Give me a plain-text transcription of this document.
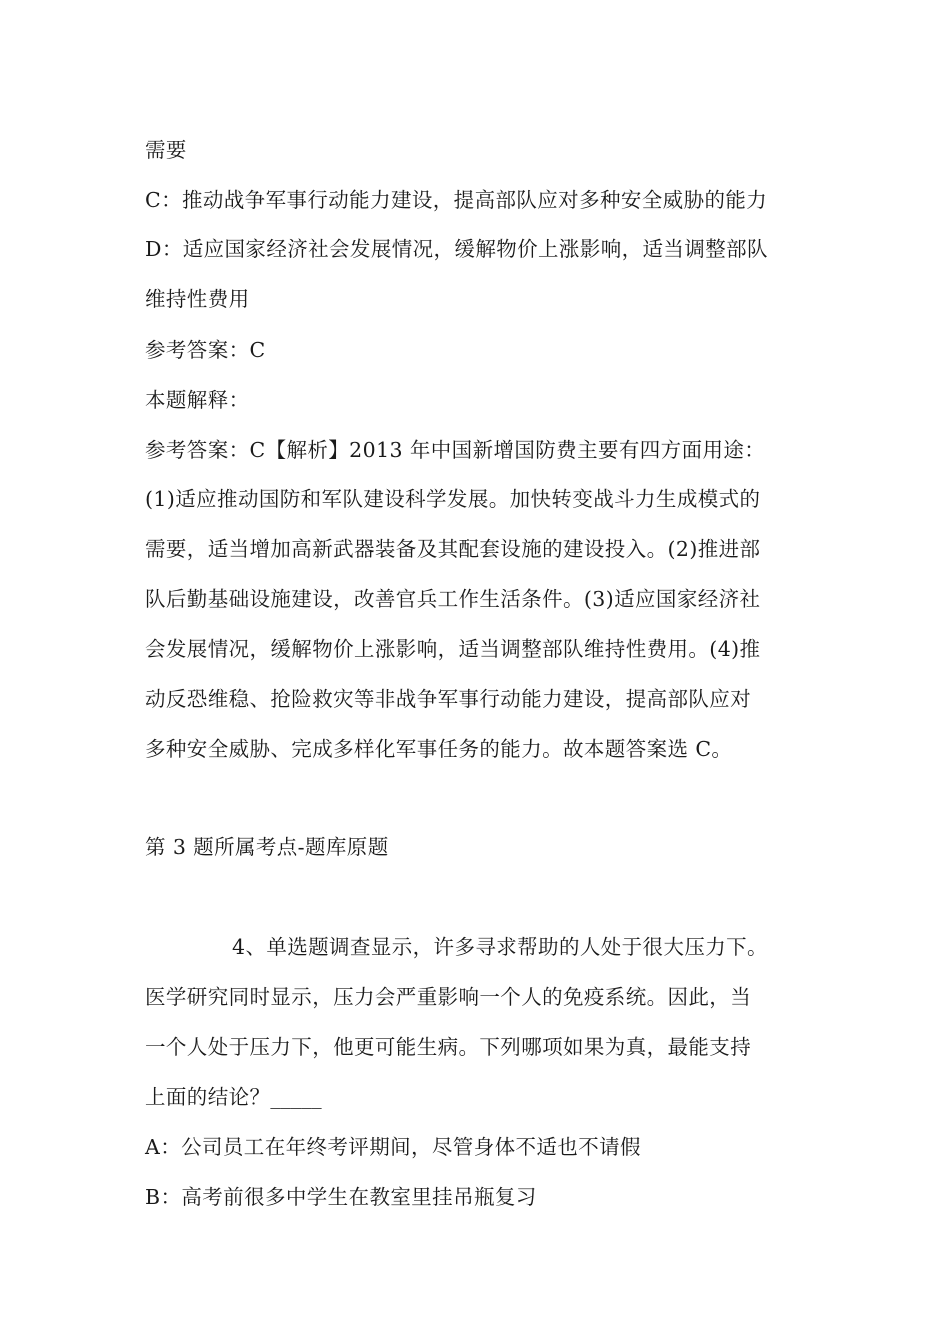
需要
C：推动战争军事行动能力建设，提高部队应对多种安全威胁的能力
D：适应国家经济社会发展情况，缓解物价上涨影响，适当调整部队
维持性费用
参考答案：C
本题解释：
参考答案：C【解析】2013 年中国新增国防费主要有四方面用途：
(1)适应推动国防和军队建设科学发展。加快转变战斗力生成模式的
需要，适当增加高新武器装备及其配套设施的建设投入。(2)推进部
队后勤基础设施建设，改善官兵工作生活条件。(3)适应国家经济社
会发展情况，缓解物价上涨影响，适当调整部队维持性费用。(4)推
动反恐维稳、抢险救灾等非战争军事行动能力建设，提高部队应对
多种安全威胁、完成多样化军事任务的能力。故本题答案选 C。
第 3 题所属考点-题库原题
4、单选题调查显示，许多寻求帮助的人处于很大压力下。
医学研究同时显示，压力会严重影响一个人的免疫系统。因此，当
一个人处于压力下，他更可能生病。下列哪项如果为真，最能支持
上面的结论？_____
A：公司员工在年终考评期间，尽管身体不适也不请假
B：高考前很多中学生在教室里挂吊瓶复习
